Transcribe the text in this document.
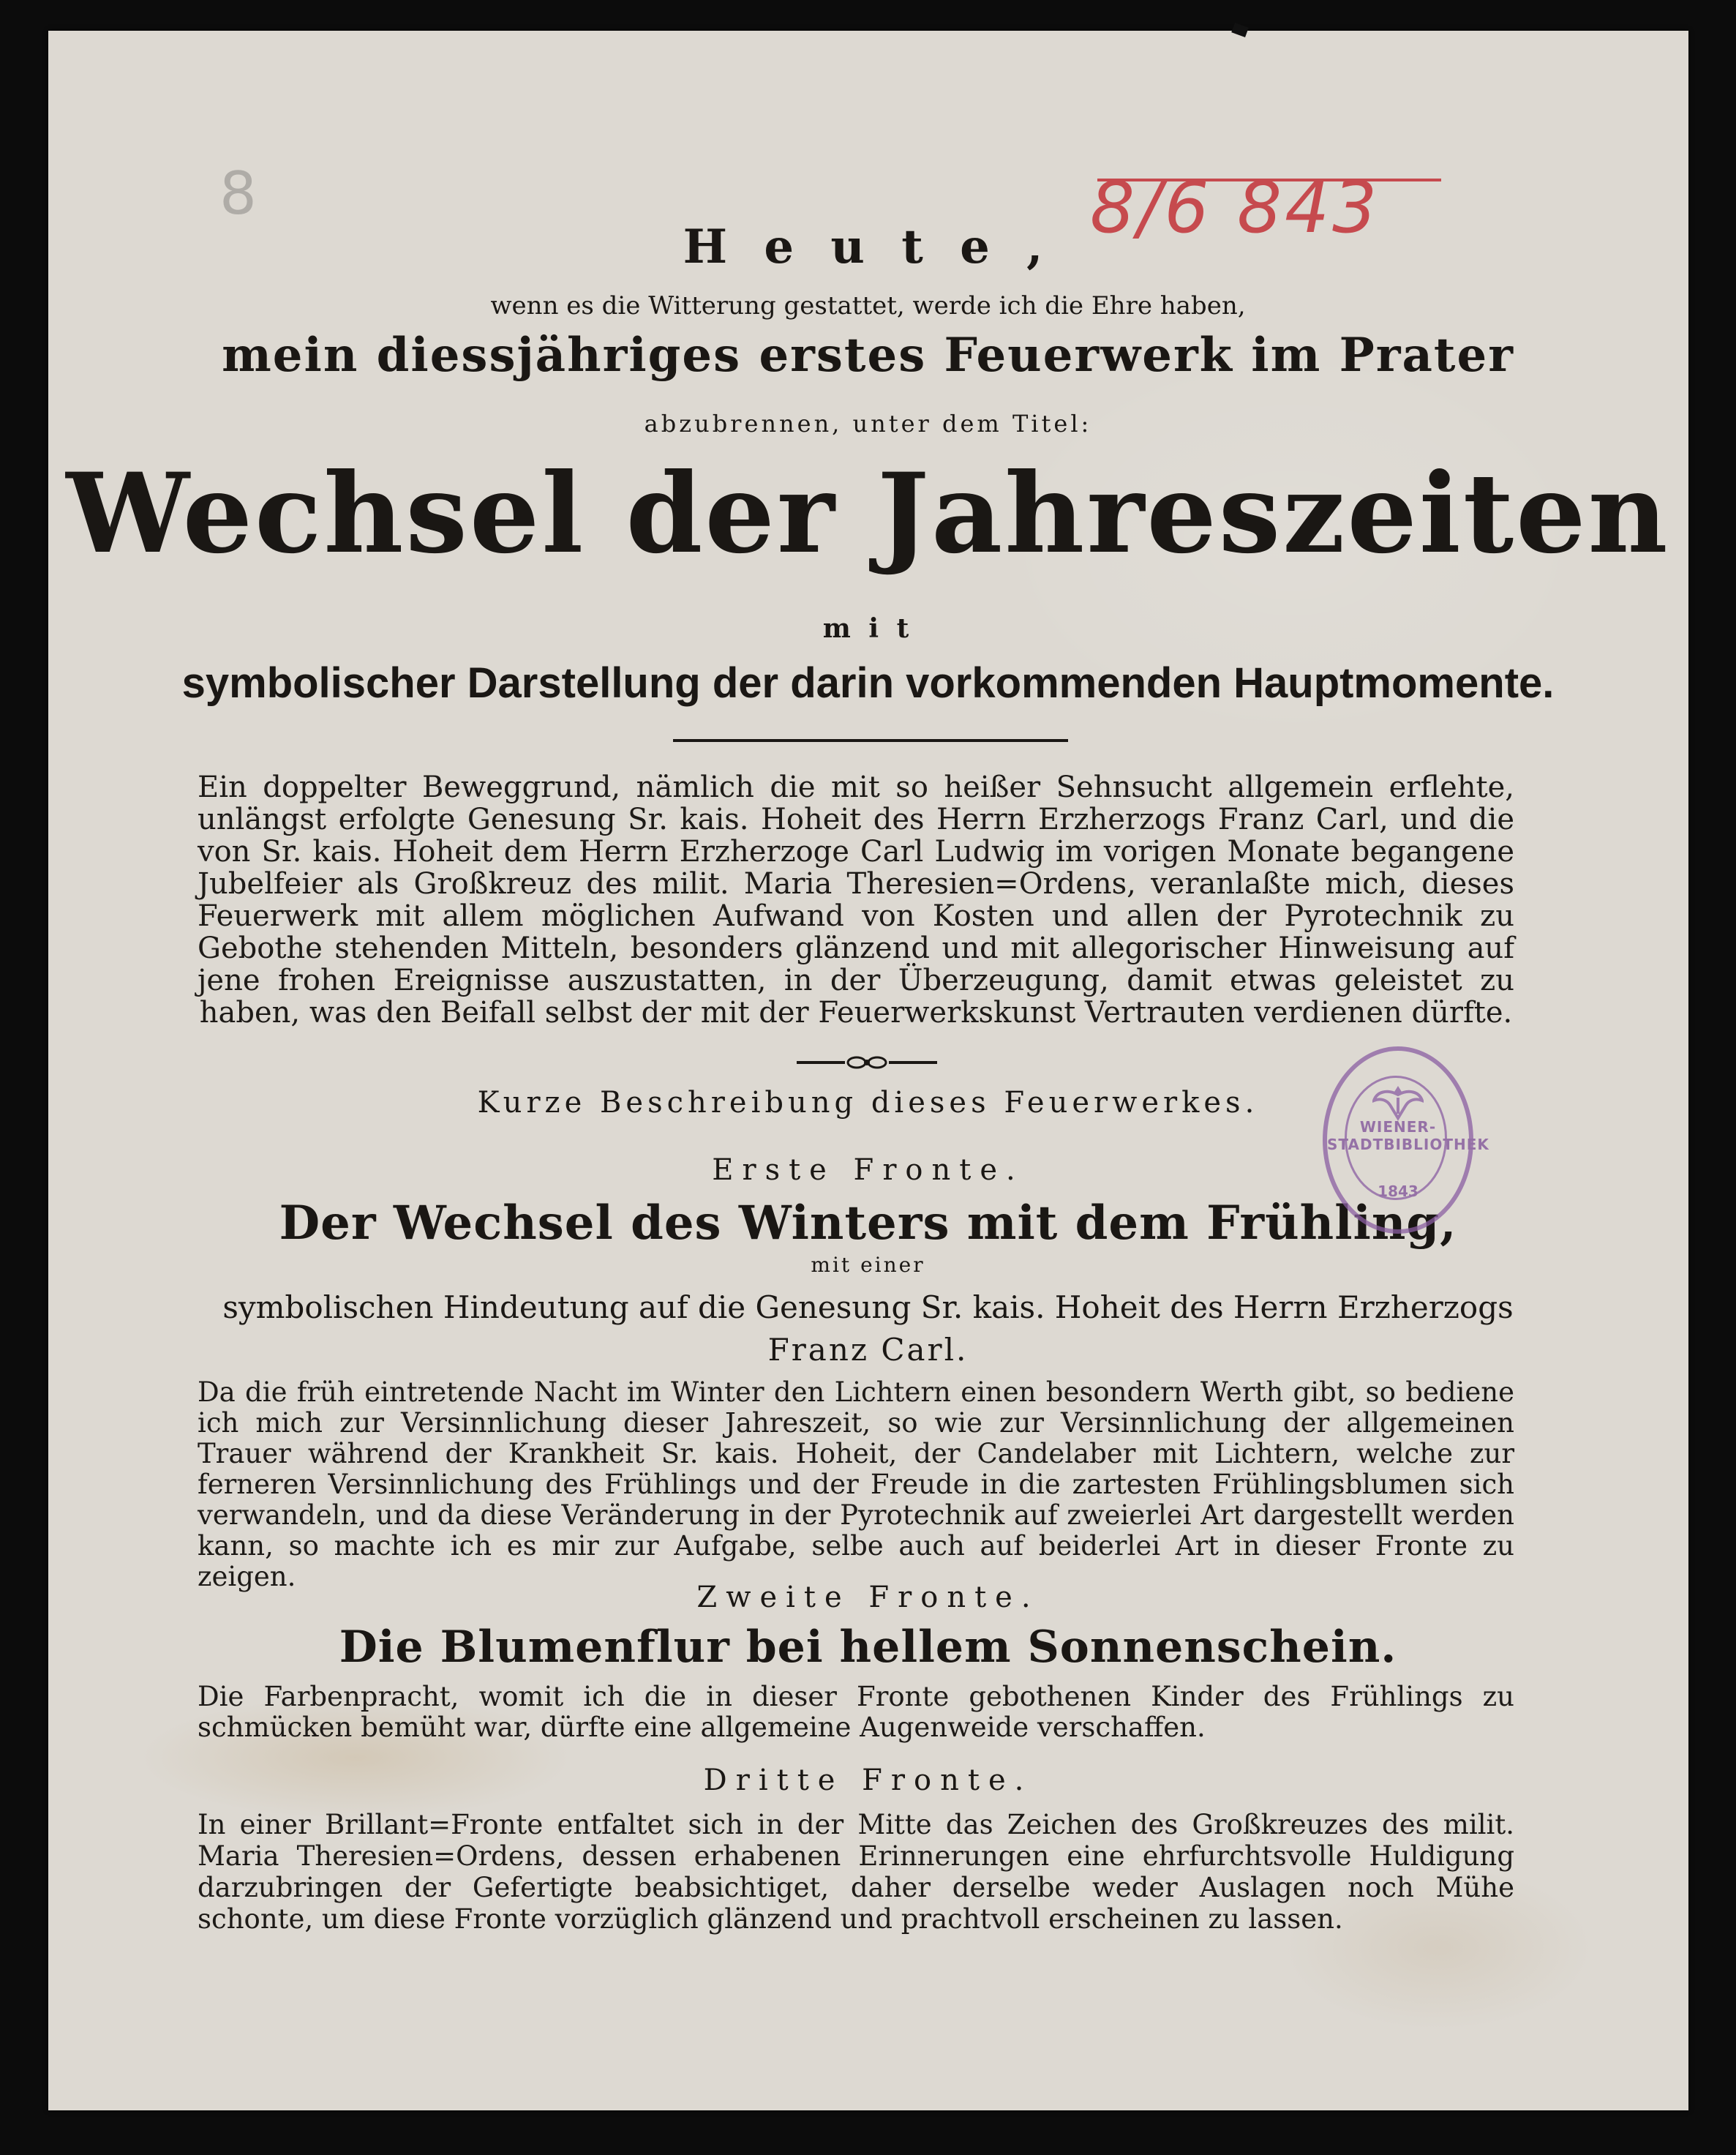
8	8/6 843
H e u t e ,
wenn es die Witterung gestattet, werde ich die Ehre haben,
mein diessjähriges erstes Feuerwerk im Prater
abzubrennen, unter dem Titel:
Wechsel der Jahreszeiten
m i t
symbolischer Darstellung der darin vorkommenden Hauptmomente.
Ein doppelter Beweggrund, nämlich die mit so heißer Sehnsucht allgemein erflehte, unlängst erfolgte Genesung Sr. kais. Hoheit des Herrn Erzherzogs Franz Carl, und die von Sr. kais. Hoheit dem Herrn Erzherzoge Carl Ludwig im vorigen Monate begangene Jubelfeier als Großkreuz des milit. Maria Theresien=Ordens, veranlaßte mich, dieses Feuerwerk mit allem möglichen Aufwand von Kosten und allen der Pyrotechnik zu Gebothe stehenden Mitteln, besonders glänzend und mit allegorischer Hinweisung auf jene frohen Ereignisse auszustatten, in der Überzeugung, damit etwas geleistet zu haben, was den Beifall selbst der mit der Feuerwerkskunst Vertrauten verdienen dürfte.
Kurze Beschreibung dieses Feuerwerkes.
Erste Fronte.
Der Wechsel des Winters mit dem Frühling,
mit einer
symbolischen Hindeutung auf die Genesung Sr. kais. Hoheit des Herrn Erzherzogs
Franz Carl.
Da die früh eintretende Nacht im Winter den Lichtern einen besondern Werth gibt, so bediene ich mich zur Versinnlichung dieser Jahreszeit, so wie zur Versinnlichung der allgemeinen Trauer während der Krankheit Sr. kais. Hoheit, der Candelaber mit Lichtern, welche zur ferneren Versinnlichung des Frühlings und der Freude in die zartesten Frühlingsblumen sich verwandeln, und da diese Veränderung in der Pyrotechnik auf zweierlei Art dargestellt werden kann, so machte ich es mir zur Aufgabe, selbe auch auf beiderlei Art in dieser Fronte zu zeigen.
Zweite Fronte.
Die Blumenflur bei hellem Sonnenschein.
Die Farbenpracht, womit ich die in dieser Fronte gebothenen Kinder des Frühlings zu schmücken bemüht war, dürfte eine allgemeine Augenweide verschaffen.
Dritte Fronte.
In einer Brillant=Fronte entfaltet sich in der Mitte das Zeichen des Großkreuzes des milit. Maria Theresien=Ordens, dessen erhabenen Erinnerungen eine ehrfurchtsvolle Huldigung darzubringen der Gefertigte beabsichtiget, daher derselbe weder Auslagen noch Mühe schonte, um diese Fronte vorzüglich glänzend und prachtvoll erscheinen zu lassen.
WIENER-STADTBIBLIOTHEK
1843
